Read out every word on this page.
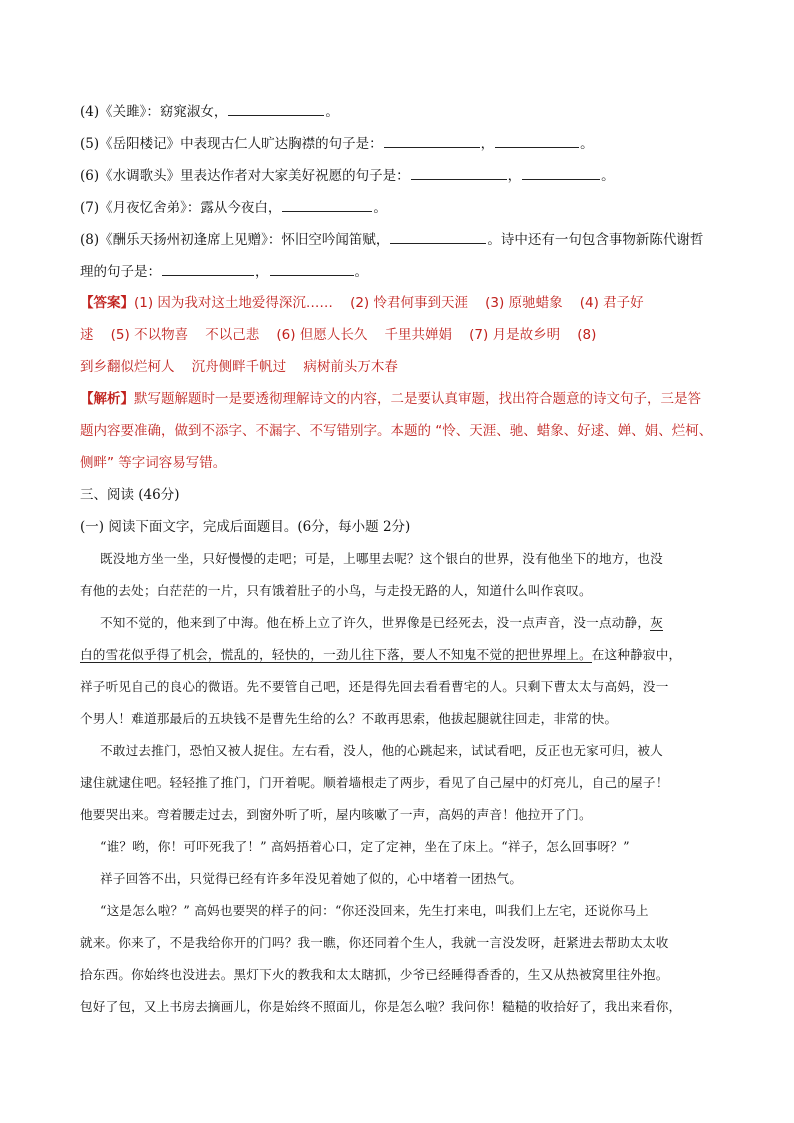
(4)《关雎》：窈窕淑女，	。
(5)《岳阳楼记》中表现古仁人旷达胸襟的句子是：	，	。
(6)《水调歌头》里表达作者对大家美好祝愿的句子是：	，	。
(7)《月夜忆舍弟》：露从今夜白，	。
(8)《酬乐天扬州初逢席上见赠》：怀旧空吟闻笛赋，	。诗中还有一句包含事物新陈代谢哲
理的句子是：	，	。
【答案】(1) 因为我对这土地爱得深沉……    (2) 怜君何事到天涯    (3) 原驰蜡象    (4) 君子好
逑    (5) 不以物喜    不以己悲    (6) 但愿人长久    千里共婵娟    (7) 月是故乡明    (8)
到乡翻似烂柯人    沉舟侧畔千帆过    病树前头万木春
【解析】默写题解题时一是要透彻理解诗文的内容，二是要认真审题，找出符合题意的诗文句子，三是答
题内容要准确，做到不添字、不漏字、不写错别字。本题的 “怜、天涯、驰、蜡象、好逑、婵、娟、烂柯、
侧畔” 等字词容易写错。
三、阅读 (46分)
(一) 阅读下面文字，完成后面题目。(6分，每小题 2分)
既没地方坐一坐，只好慢慢的走吧；可是，上哪里去呢？这个银白的世界，没有他坐下的地方，也没
有他的去处；白茫茫的一片，只有饿着肚子的小鸟，与走投无路的人，知道什么叫作哀叹。
不知不觉的，他来到了中海。他在桥上立了许久，世界像是已经死去，没一点声音，没一点动静，灰
白的雪花似乎得了机会，慌乱的，轻快的，一劲儿往下落，要人不知鬼不觉的把世界埋上。在这种静寂中，
祥子听见自己的良心的微语。先不要管自己吧，还是得先回去看看曹宅的人。只剩下曹太太与高妈，没一
个男人！难道那最后的五块钱不是曹先生给的么？不敢再思索，他拔起腿就往回走，非常的快。
不敢过去推门，恐怕又被人捉住。左右看，没人，他的心跳起来，试试看吧，反正也无家可归，被人
逮住就逮住吧。轻轻推了推门，门开着呢。顺着墙根走了两步，看见了自己屋中的灯亮儿，自己的屋子！
他要哭出来。弯着腰走过去，到窗外听了听，屋内咳嗽了一声，高妈的声音！他拉开了门。
“谁？哟，你！可吓死我了！” 高妈捂着心口，定了定神，坐在了床上。“祥子，怎么回事呀？”
祥子回答不出，只觉得已经有许多年没见着她了似的，心中堵着一团热气。
“这是怎么啦？” 高妈也要哭的样子的问：“你还没回来，先生打来电，叫我们上左宅，还说你马上
就来。你来了，不是我给你开的门吗？我一瞧，你还同着个生人，我就一言没发呀，赶紧进去帮助太太收
拾东西。你始终也没进去。黑灯下火的教我和太太瞎抓，少爷已经睡得香香的，生又从热被窝里往外抱。
包好了包，又上书房去摘画儿，你是始终不照面儿，你是怎么啦？我问你！糙糙的收拾好了，我出来看你，
